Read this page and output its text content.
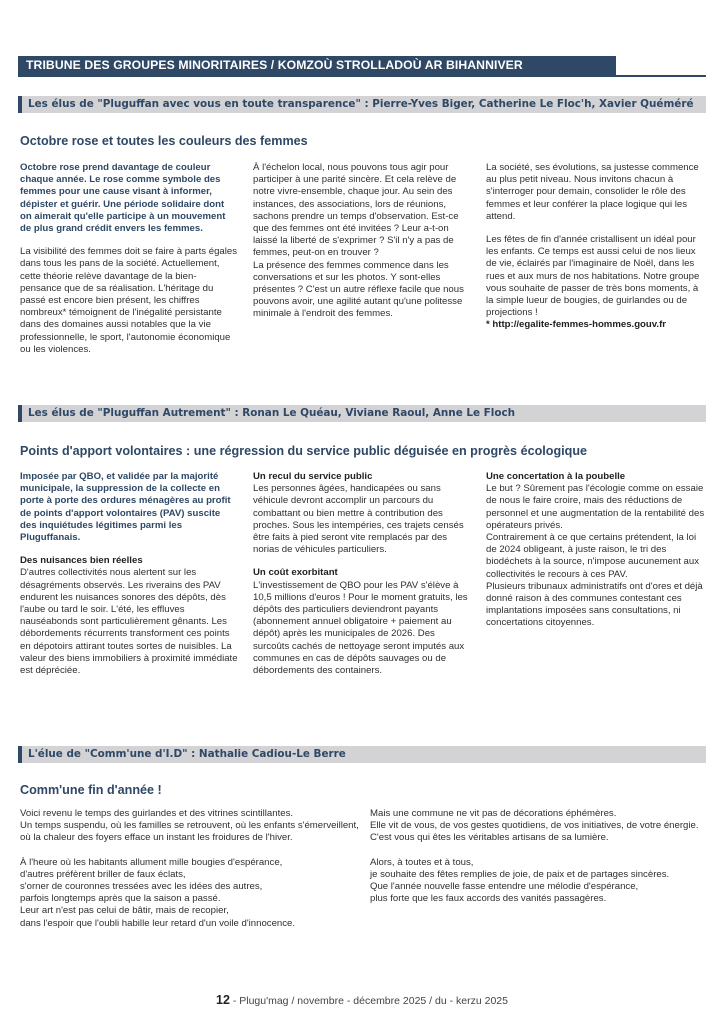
TRIBUNE DES GROUPES MINORITAIRES / KOMZOÙ STROLLADOÙ AR BIHANNIVER
Les élus de "Pluguffan avec vous en toute transparence" : Pierre-Yves Biger, Catherine Le Floc'h, Xavier Quéméré
Octobre rose et toutes les couleurs des femmes

Octobre rose prend davantage de couleur chaque année. Le rose comme symbole des femmes pour une cause visant à informer, dépister et guérir. Une période solidaire dont on aimerait qu'elle participe à un mouvement de plus grand crédit envers les femmes.

La visibilité des femmes doit se faire à parts égales dans tous les pans de la société. Actuellement, cette théorie relève davantage de la bien-pensance que de sa réalisation. L'héritage du passé est encore bien présent, les chiffres nombreux* témoignent de l'inégalité persistante dans des domaines aussi notables que la vie professionnelle, le sport, l'autonomie économique ou les violences.

À l'échelon local, nous pouvons tous agir pour participer à une parité sincère. Et cela relève de notre vivre-ensemble, chaque jour. Au sein des instances, des associations, lors de réunions, sachons prendre un temps d'observation. Est-ce que des femmes ont été invitées ? Leur a-t-on laissé la liberté de s'exprimer ? S'il n'y a pas de femmes, peut-on en trouver ?

La présence des femmes commence dans les conversations et sur les photos. Y sont-elles présentes ? C'est un autre réflexe facile que nous pouvons avoir, une agilité autant qu'une politesse minimale à l'endroit des femmes.

La société, ses évolutions, sa justesse commence au plus petit niveau. Nous invitons chacun à s'interroger pour demain, consolider le rôle des femmes et leur conférer la place logique qui les attend.

Les fêtes de fin d'année cristallisent un idéal pour les enfants. Ce temps est aussi celui de nos lieux de vie, éclairés par l'imaginaire de Noël, dans les rues et aux murs de nos habitations. Notre groupe vous souhaite de passer de très bons moments, à la simple lueur de bougies, de guirlandes ou de projections !

* http://egalite-femmes-hommes.gouv.fr

Les élus de "Pluguffan Autrement" : Ronan Le Quéau, Viviane Raoul, Anne Le Floch
Points d'apport volontaires : une régression du service public déguisée en progrès écologique

Imposée par QBO, et validée par la majorité municipale, la suppression de la collecte en porte à porte des ordures ménagères au profit de points d'apport volontaires (PAV) suscite des inquiétudes légitimes parmi les Pluguffanais.

Des nuisances bien réelles

D'autres collectivités nous alertent sur les désagréments observés. Les riverains des PAV endurent les nuisances sonores des dépôts, dès l'aube ou tard le soir. L'été, les effluves nauséabonds sont particulièrement gênants. Les débordements récurrents transforment ces points en dépotoirs attirant toutes sortes de nuisibles. La valeur des biens immobiliers à proximité immédiate est dépréciée.

Un recul du service public

Les personnes âgées, handicapées ou sans véhicule devront accomplir un parcours du combattant ou bien mettre à contribution des proches. Sous les intempéries, ces trajets censés être faits à pied seront vite remplacés par des norias de véhicules particuliers.

Un coût exorbitant

L'investissement de QBO pour les PAV s'élève à 10,5 millions d'euros ! Pour le moment gratuits, les dépôts des particuliers deviendront payants (abonnement annuel obligatoire + paiement au dépôt) après les municipales de 2026. Des surcoûts cachés de nettoyage seront imputés aux communes en cas de dépôts sauvages ou de débordements des containers.

Une concertation à la poubelle

Le but ? Sûrement pas l'écologie comme on essaie de nous le faire croire, mais des réductions de personnel et une augmentation de la rentabilité des opérateurs privés.

Contrairement à ce que certains prétendent, la loi de 2024 obligeant, à juste raison, le tri des biodéchets à la source, n'impose aucunement aux collectivités le recours à ces PAV.

Plusieurs tribunaux administratifs ont d'ores et déjà donné raison à des communes contestant ces implantations imposées sans consultations, ni concertations citoyennes.

L'élue de "Comm'une d'I.D" : Nathalie Cadiou-Le Berre
Comm'une fin d'année !
Voici revenu le temps des guirlandes et des vitrines scintillantes.
Un temps suspendu, où les familles se retrouvent, où les enfants s'émerveillent,
où la chaleur des foyers efface un instant les froidures de l'hiver.
À l'heure où les habitants allument mille bougies d'espérance,
d'autres préfèrent briller de faux éclats,
s'orner de couronnes tressées avec les idées des autres,
parfois longtemps après que la saison a passé.
Leur art n'est pas celui de bâtir, mais de recopier,
dans l'espoir que l'oubli habille leur retard d'un voile d'innocence.
Mais une commune ne vit pas de décorations éphémères.
Elle vit de vous, de vos gestes quotidiens, de vos initiatives, de votre énergie.
C'est vous qui êtes les véritables artisans de sa lumière.
Alors, à toutes et à tous,
je souhaite des fêtes remplies de joie, de paix et de partages sincères.
Que l'année nouvelle fasse entendre une mélodie d'espérance,
plus forte que les faux accords des vanités passagères.
12 - Plugu'mag / novembre - décembre 2025 / du - kerzu 2025
